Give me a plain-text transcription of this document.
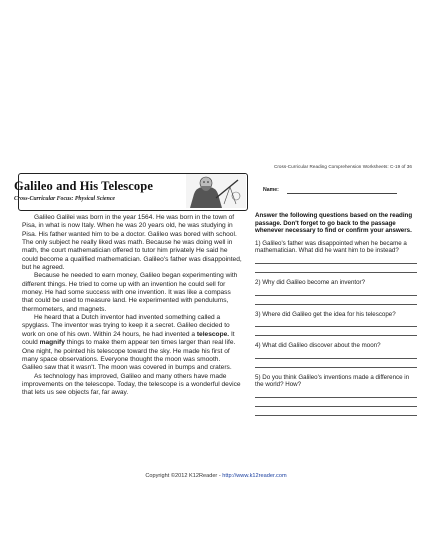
Cross-Curricular Reading Comprehension Worksheets: C-19 of 36
Galileo and His Telescope
Cross-Curricular Focus: Physical Science
Name:

Galileo Galilei was born in the year 1564. He was born in the town of Pisa, in what is now Italy. When he was 20 years old, he was studying in Pisa. His father wanted him to be a doctor. Galileo was bored with school. The only subject he really liked was math. Because he was doing well in math, the court mathematician offered to tutor him privately He said he could become a qualified mathematician. Galileo's father was disappointed, but he agreed.

Because he needed to earn money, Galileo began experimenting with different things. He tried to come up with an invention he could sell for money. He had some success with one invention. It was like a compass that could be used to measure land. He experimented with pendulums, thermometers, and magnets.

He heard that a Dutch inventor had invented something called a spyglass. The inventor was trying to keep it a secret. Galileo decided to work on one of his own. Within 24 hours, he had invented a telescope. It could magnify things to make them appear ten times larger than real life. One night, he pointed his telescope toward the sky. He made his first of many space observations. Everyone thought the moon was smooth. Galileo saw that it wasn't. The moon was covered in bumps and craters.

As technology has improved, Galileo and many others have made improvements on the telescope. Today, the telescope is a wonderful device that lets us see objects far, far away.

Answer the following questions based on the reading passage. Don't forget to go back to the passage whenever necessary to find or confirm your answers.
1) Galileo's father was disappointed when he became a mathematician. What did he want him to be instead?
2) Why did Galileo become an inventor?
3) Where did Galileo get the idea for his telescope?
4) What did Galileo discover about the moon?
5) Do you think Galileo's inventions made a difference in the world? How?
Copyright ©2012 K12Reader - http://www.k12reader.com
